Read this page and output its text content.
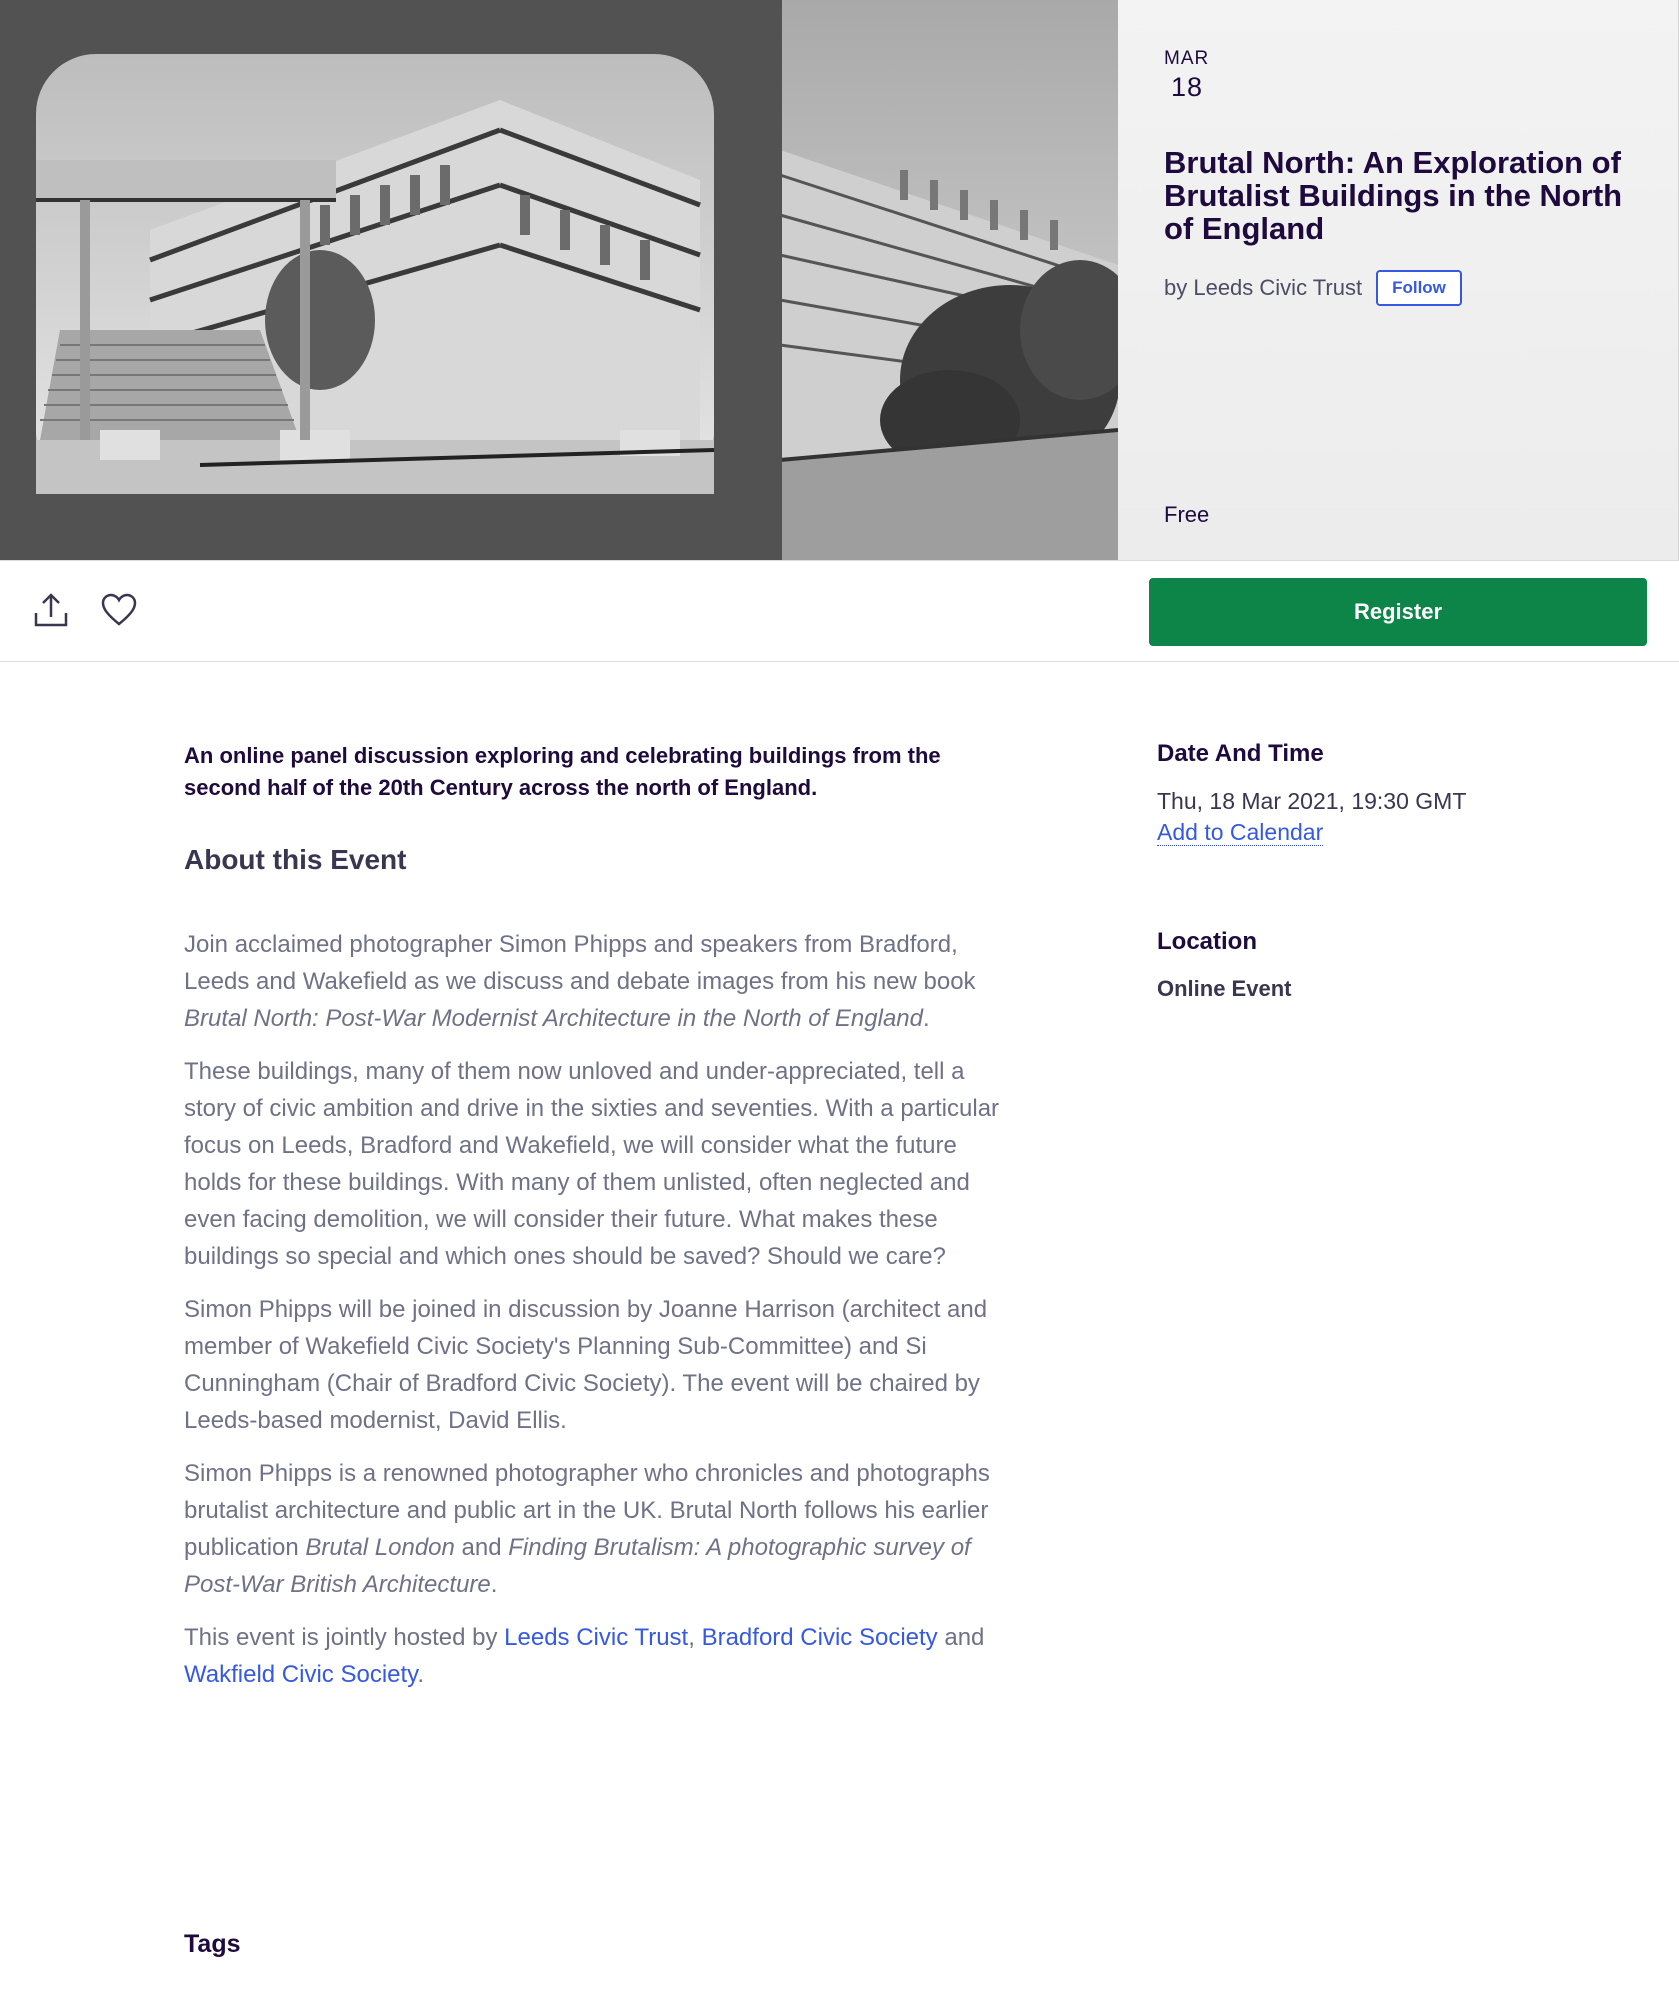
MAR
18
Brutal North: An Exploration of Brutalist Buildings in the North of England
by Leeds Civic Trust	Follow
Free
Register

An online panel discussion exploring and celebrating buildings from the second half of the 20th Century across the north of England.

About this Event

Join acclaimed photographer Simon Phipps and speakers from Bradford, Leeds and Wakefield as we discuss and debate images from his new book Brutal North: Post-War Modernist Architecture in the North of England.

These buildings, many of them now unloved and under-appreciated, tell a story of civic ambition and drive in the sixties and seventies. With a particular focus on Leeds, Bradford and Wakefield, we will consider what the future holds for these buildings. With many of them unlisted, often neglected and even facing demolition, we will consider their future. What makes these buildings so special and which ones should be saved? Should we care?

Simon Phipps will be joined in discussion by Joanne Harrison (architect and member of Wakefield Civic Society's Planning Sub-Committee) and Si Cunningham (Chair of Bradford Civic Society). The event will be chaired by Leeds-based modernist, David Ellis.

Simon Phipps is a renowned photographer who chronicles and photographs brutalist architecture and public art in the UK. Brutal North follows his earlier publication Brutal London and Finding Brutalism: A photographic survey of Post-War British Architecture.

This event is jointly hosted by Leeds Civic Trust, Bradford Civic Society and Wakfield Civic Society.

Tags
Date And Time
Thu, 18 Mar 2021, 19:30 GMT
Add to Calendar
Location
Online Event
